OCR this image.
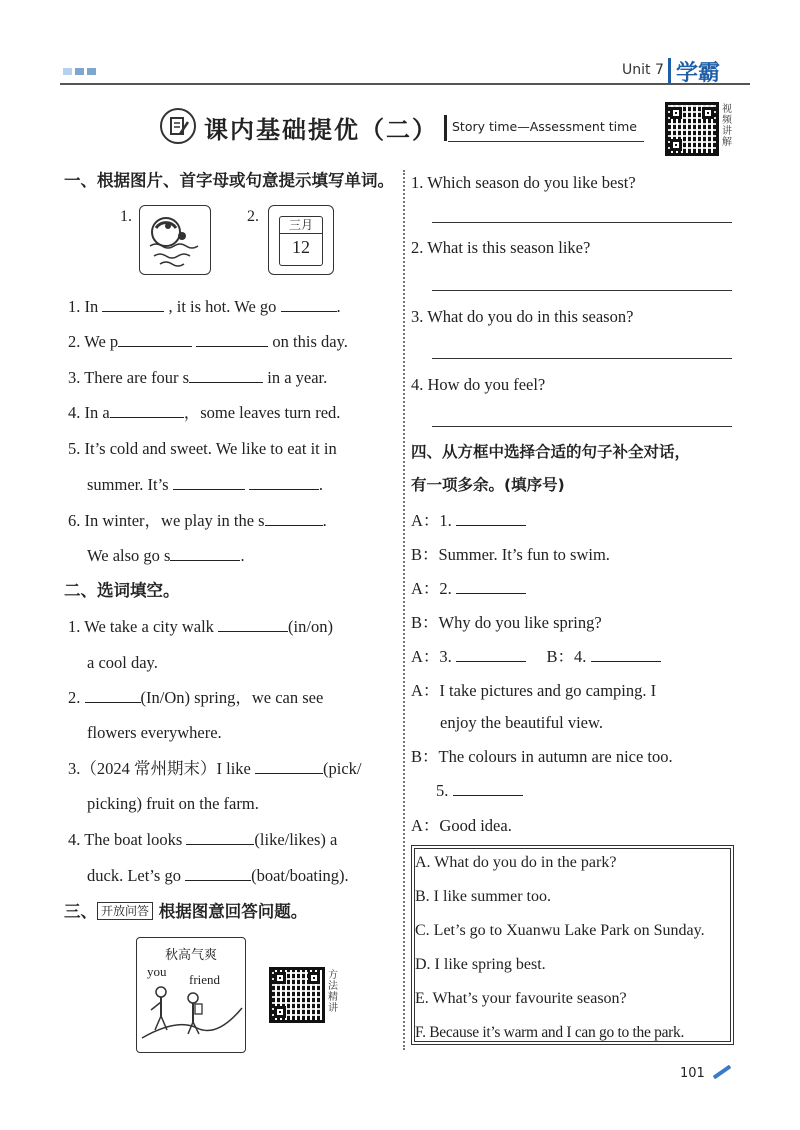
Unit 7 学霸
课内基础提优（二） Story time—Assessment time
视频讲解
一、根据图片、首字母或句意提示填写单词。
1.	2.	三月
12
1. In	, it is hot. We go	.
2. We p	on this day.
3. There are four s	in a year.
4. In a	，some leaves turn red.
5. It’s cold and sweet. We like to eat it in
summer. It’s	.
6. In winter，we play in the s	.
We also go s	.
二、选词填空。
1. We take a city walk	(in/on)
a cool day.
2.	(In/On) spring，we can see
flowers everywhere.
3.（2024 常州期末）I like	(pick/
picking) fruit on the farm.
4. The boat looks	(like/likes) a
duck. Let’s go	(boat/boating).
三、 开放问答 根据图意回答问题。
秋高气爽
you
friend	方法精讲
1. Which season do you like best?
2. What is this season like?
3. What do you do in this season?
4. How do you feel?
四、从方框中选择合适的句子补全对话，
有一项多余。(填序号)
A：1.
B：Summer. It’s fun to swim.
A：2.
B：Why do you like spring?
A：3.	B：4.
A：I take pictures and go camping. I
enjoy the beautiful view.
B：The colours in autumn are nice too.
5.
A：Good idea.
A. What do you do in the park?
B. I like summer too.
C. Let’s go to Xuanwu Lake Park on Sunday.
D. I like spring best.
E. What’s your favourite season?
F. Because it’s warm and I can go to the park.
101
